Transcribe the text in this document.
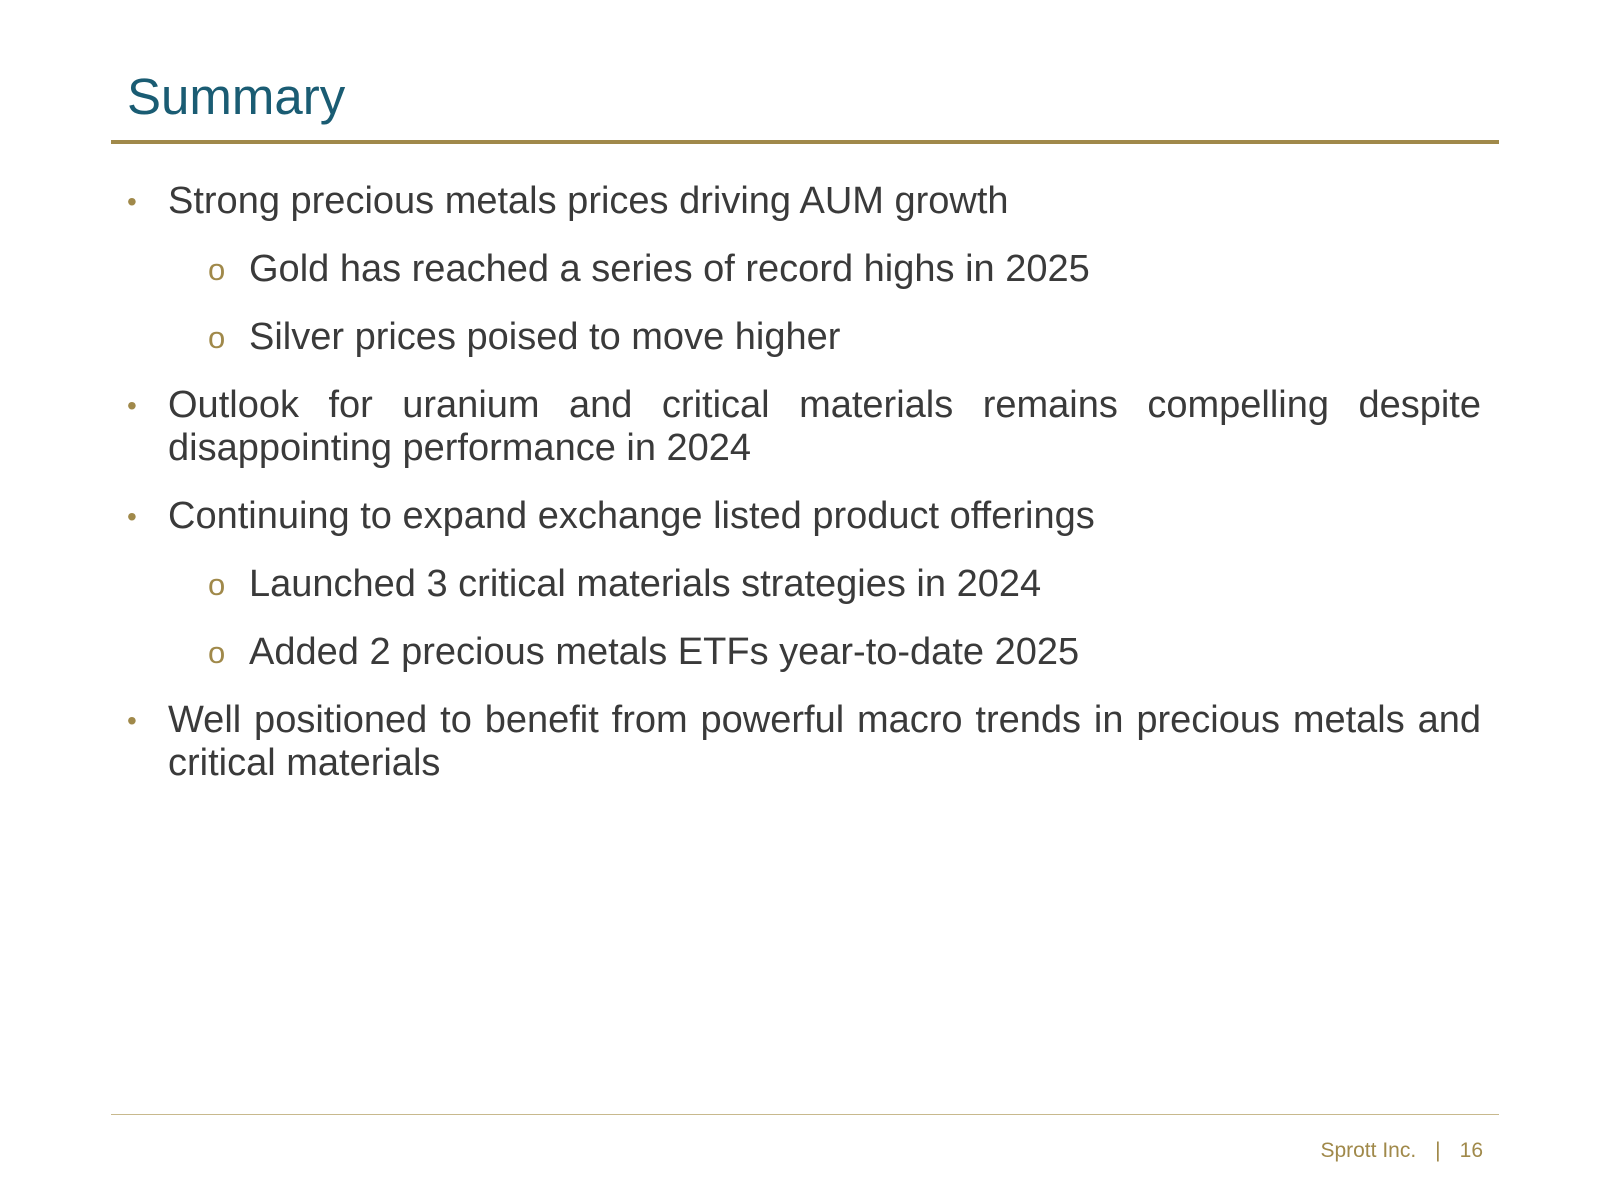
Summary
• Strong precious metals prices driving AUM growth
o Gold has reached a series of record highs in 2025
o Silver prices poised to move higher
• Outlook for uranium and critical materials remains compelling despite disappointing performance in 2024
• Continuing to expand exchange listed product offerings
o Launched 3 critical materials strategies in 2024
o Added 2 precious metals ETFs year-to-date 2025
• Well positioned to benefit from powerful macro trends in precious metals and critical materials
Sprott Inc. | 16
